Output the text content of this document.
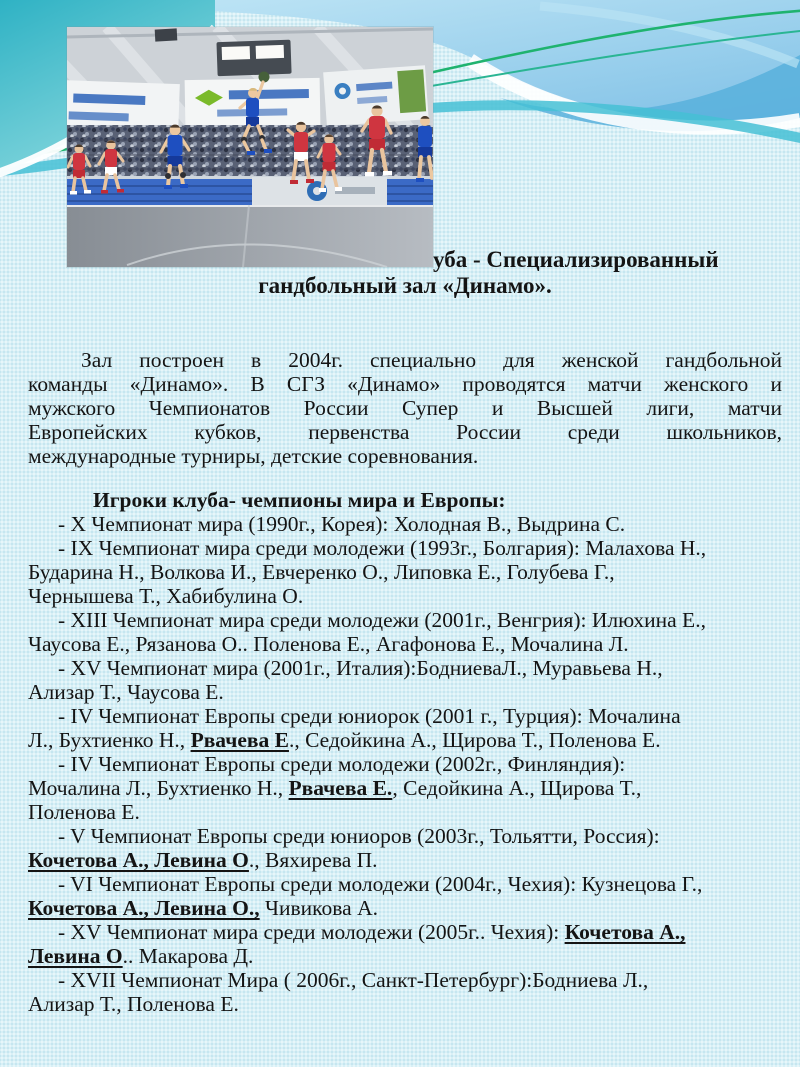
уба - Специализированный
гандбольный зал «Динамо».
Зал построен в 2004г. специально для женской гандбольной
команды «Динамо». В СГЗ «Динамо» проводятся матчи женского и
мужского Чемпионатов России Супер и Высшей лиги, матчи
Европейских кубков, первенства России среди школьников,
международные турниры, детские соревнования.
Игроки клуба- чемпионы мира и Европы:
- X Чемпионат мира (1990г., Корея): Холодная В., Выдрина С.
- IX Чемпионат мира среди молодежи (1993г., Болгария): Малахова Н.,
Бударина Н., Волкова И., Евчеренко О., Липовка Е., Голубева Г.,
Чернышева Т., Хабибулина О.
- XIII Чемпионат мира среди молодежи (2001г., Венгрия): Илюхина Е.,
Чаусова Е., Рязанова О.. Поленова Е., Агафонова Е., Мочалина Л.
- XV Чемпионат мира (2001г., Италия):БодниеваЛ., Муравьева Н.,
Ализар Т., Чаусова Е.
- IV Чемпионат Европы среди юниорок (2001 г., Турция): Мочалина
Л., Бухтиенко Н., Рвачева Е., Седойкина А., Щирова Т., Поленова Е.
- IV Чемпионат Европы среди молодежи (2002г., Финляндия):
Мочалина Л., Бухтиенко Н., Рвачева Е., Седойкина А., Щирова Т.,
Поленова Е.
- V Чемпионат Европы среди юниоров (2003г., Тольятти, Россия):
Кочетова А., Левина О., Вяхирева П.
- VI Чемпионат Европы среди молодежи (2004г., Чехия): Кузнецова Г.,
Кочетова А., Левина О., Чивикова А.
- XV Чемпионат мира среди молодежи (2005г.. Чехия): Кочетова А.,
Левина О.. Макарова Д.
- XVII Чемпионат Мира ( 2006г., Санкт-Петербург):Бодниева Л.,
Ализар Т., Поленова Е.
